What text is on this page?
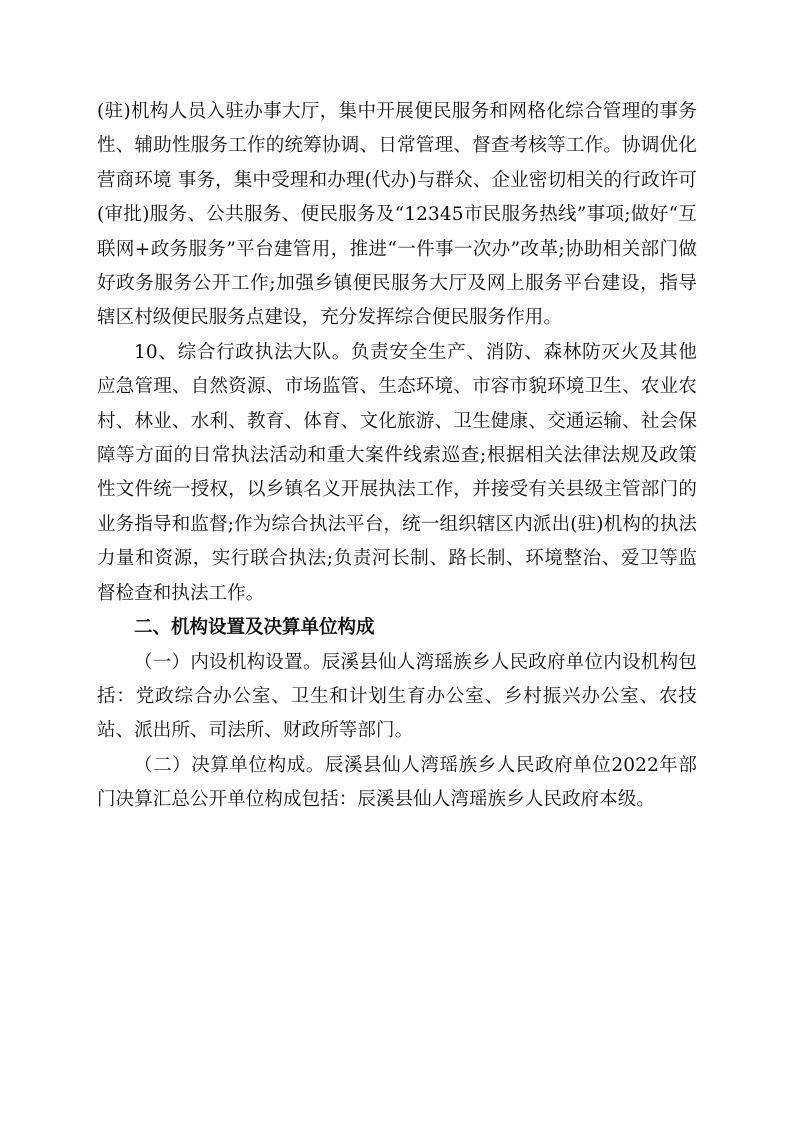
(驻)机构人员入驻办事大厅，集中开展便民服务和网格化综合管理的事务性、辅助性服务工作的统筹协调、日常管理、督查考核等工作。协调优化营商环境 事务，集中受理和办理(代办)与群众、企业密切相关的行政许可(审批)服务、公共服务、便民服务及“12345市民服务热线”事项;做好“互联网+政务服务”平台建管用，推进“一件事一次办”改革;协助相关部门做好政务服务公开工作;加强乡镇便民服务大厅及网上服务平台建设，指导辖区村级便民服务点建设，充分发挥综合便民服务作用。

10、综合行政执法大队。负责安全生产、消防、森林防灭火及其他应急管理、自然资源、市场监管、生态环境、市容市貌环境卫生、农业农村、林业、水利、教育、体育、文化旅游、卫生健康、交通运输、社会保障等方面的日常执法活动和重大案件线索巡查;根据相关法律法规及政策性文件统一授权，以乡镇名义开展执法工作，并接受有关县级主管部门的业务指导和监督;作为综合执法平台，统一组织辖区内派出(驻)机构的执法力量和资源，实行联合执法;负责河长制、路长制、环境整治、爱卫等监督检查和执法工作。

二、机构设置及决算单位构成

（一）内设机构设置。辰溪县仙人湾瑶族乡人民政府单位内设机构包括：党政综合办公室、卫生和计划生育办公室、乡村振兴办公室、农技站、派出所、司法所、财政所等部门。

（二）决算单位构成。辰溪县仙人湾瑶族乡人民政府单位2022年部门决算汇总公开单位构成包括：辰溪县仙人湾瑶族乡人民政府本级。
